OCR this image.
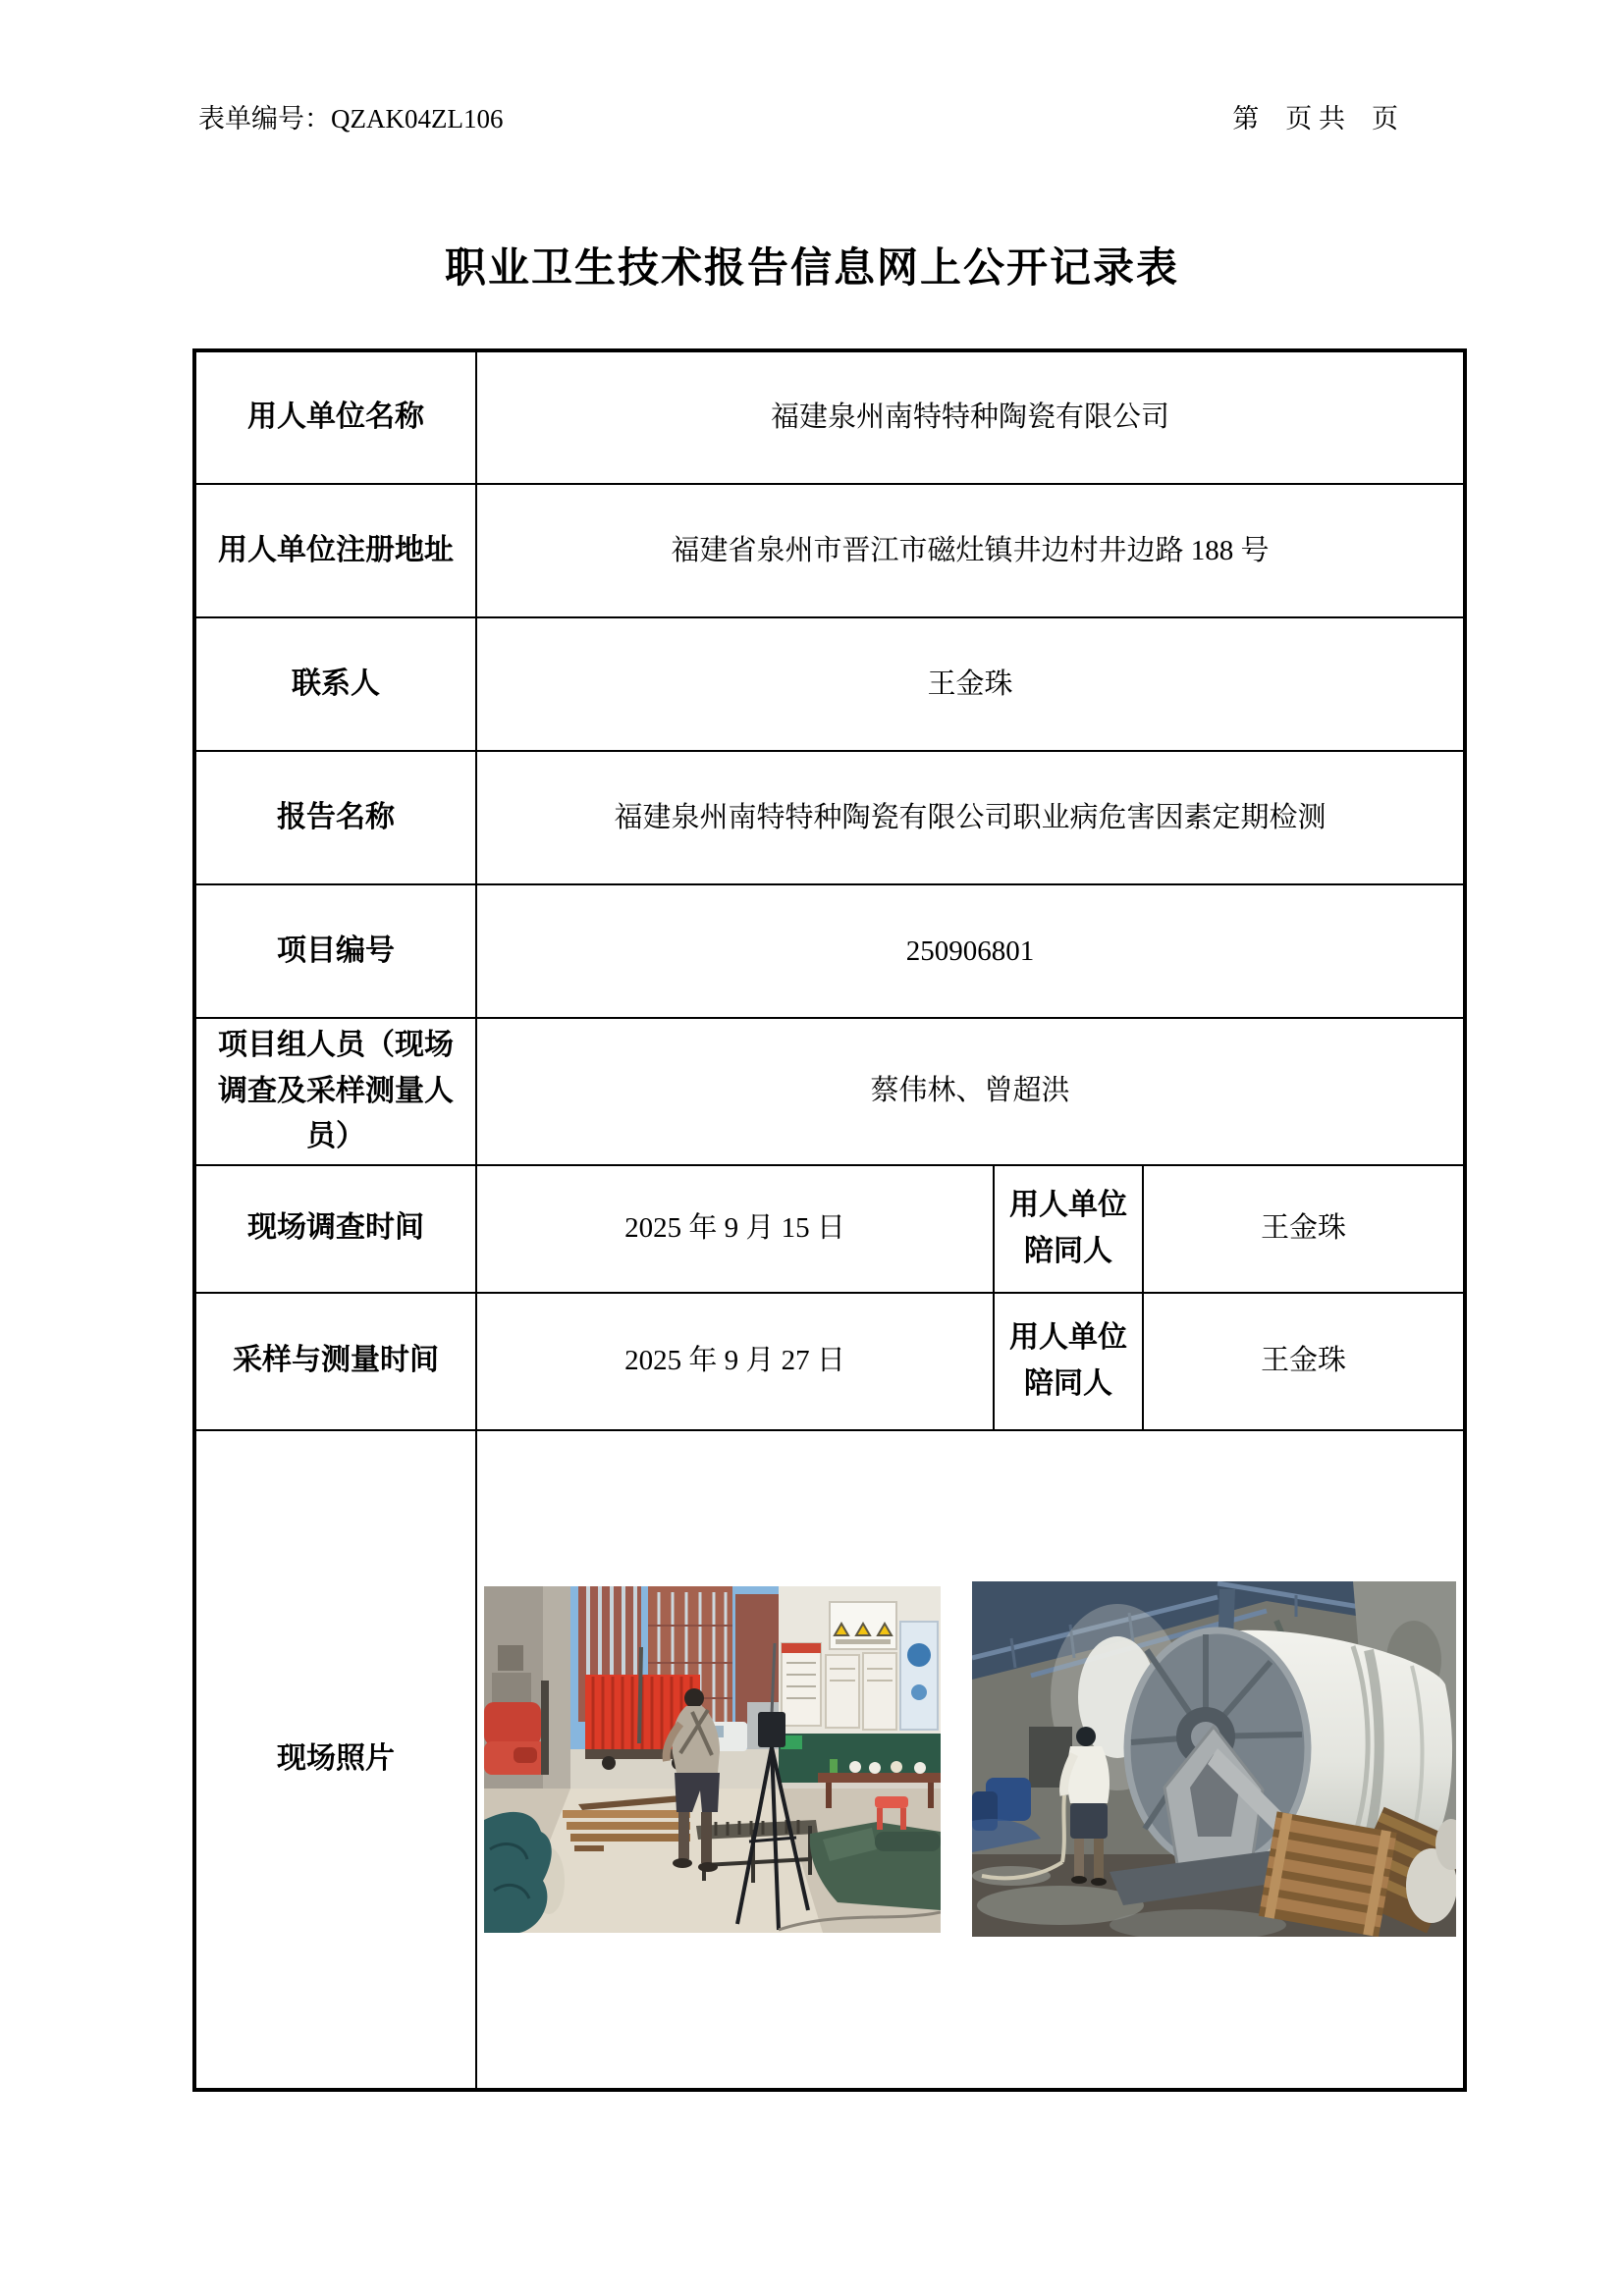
表单编号：QZAK04ZL106	第　页 共　页
职业卫生技术报告信息网上公开记录表
用人单位名称	福建泉州南特特种陶瓷有限公司		
用人单位注册地址	福建省泉州市晋江市磁灶镇井边村井边路 188 号		
联系人	王金珠		
报告名称	福建泉州南特特种陶瓷有限公司职业病危害因素定期检测		
项目编号	250906801		
项目组人员（现场调查及采样测量人员）	蔡伟林、曾超洪		
现场调查时间	2025 年 9 月 15 日	用人单位陪同人	王金珠
采样与测量时间	2025 年 9 月 27 日	用人单位陪同人	王金珠
现场照片	
